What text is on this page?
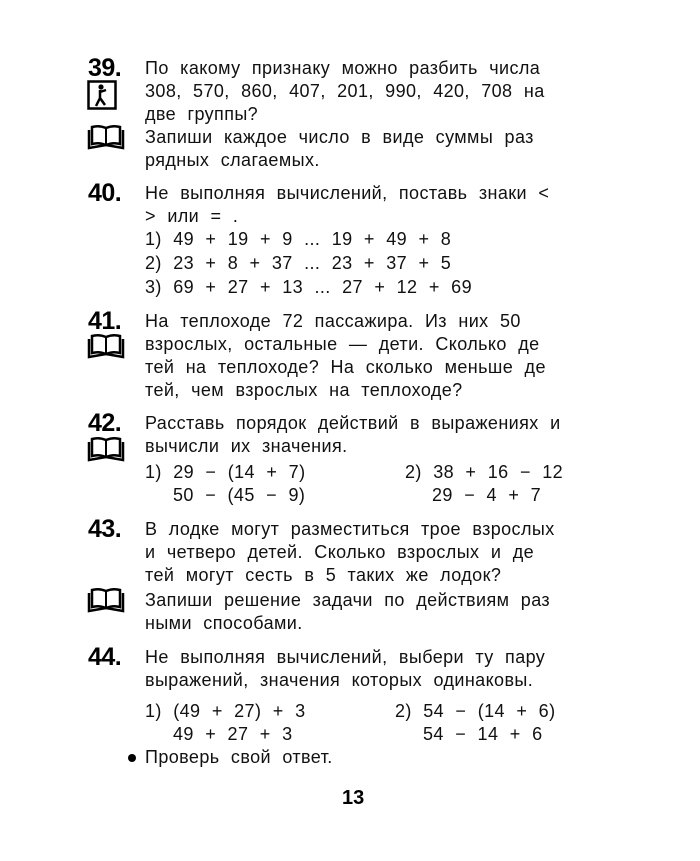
39. По какому признаку можно разбить числа
308, 570, 860, 407, 201, 990, 420, 708 на
две группы?
Запиши каждое число в виде суммы раз
рядных слагаемых.
40. Не выполняя вычислений, поставь знаки <
> или = .
1) 49 + 19 + 9 ... 19 + 49 + 8
2) 23 + 8 + 37 ... 23 + 37 + 5
3) 69 + 27 + 13 ... 27 + 12 + 69
41. На теплоходе 72 пассажира. Из них 50
взрослых, остальные — дети. Сколько де
тей на теплоходе? На сколько меньше де
тей, чем взрослых на теплоходе?
42. Расставь порядок действий в выражениях и
вычисли их значения.
1) 29 − (14 + 7)
50 − (45 − 9)
2) 38 + 16 − 12
29 − 4 + 7
43. В лодке могут разместиться трое взрослых
и четверо детей. Сколько взрослых и де
тей могут сесть в 5 таких же лодок?
Запиши решение задачи по действиям раз
ными способами.
44. Не выполняя вычислений, выбери ту пару
выражений, значения которых одинаковы.
1) (49 + 27) + 3
49 + 27 + 3
2) 54 − (14 + 6)
54 − 14 + 6
Проверь свой ответ.
13
